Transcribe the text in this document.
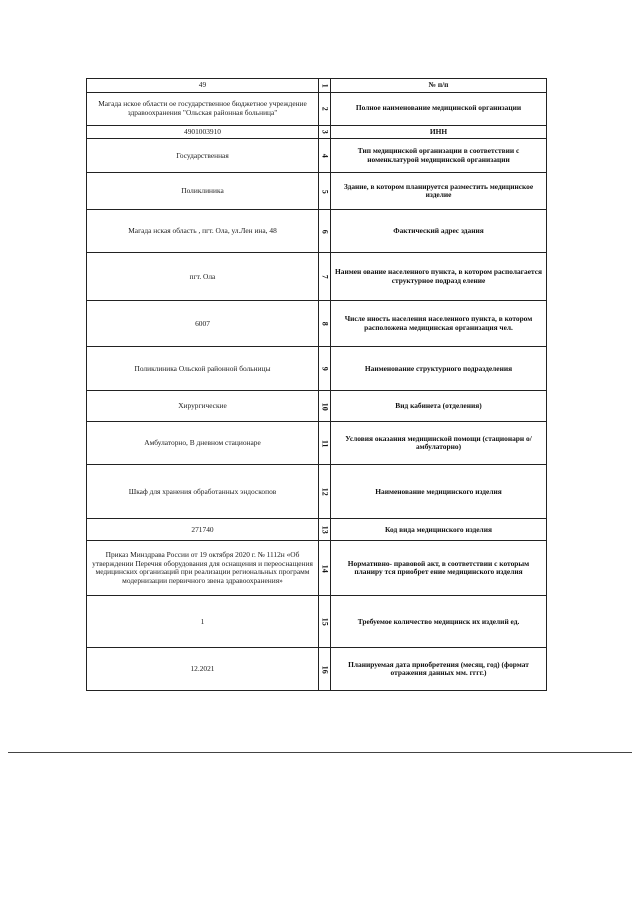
49	1	№ п/п
Магада нское области ое государственное бюджетное учреждение здравоохранения "Ольская районная больница"	2	Полное наименование медицинской организации
4901003910	3	ИНН
Государственная	4	Тип медицинской организации в соответствии с номенклатурой медицинской организации
Поликлиника	5	Здание, в котором планируется разместить медицинское изделие
Магада нская область , пгт. Ола, ул.Лен ина, 48	6	Фактический адрес здания
пгт. Ола	7	Наимен ование населенного пункта, в котором располагается структурное подразд еление
6007	8	Числе нность населения населенного пункта, в котором расположена медицинская организация чел.
Поликлиника Ольской районной больницы	9	Наименование структурного подразделения
Хирургические	10	Вид кабинета (отделения)
Амбулаторно, В дневном стационаре	11	Условия оказания медицинской помощи (стационарн о/амбулаторно)
Шкаф для хранения обработанных эндоскопов	12	Наименование медицинского изделия
271740	13	Код вида медицинского изделия
Приказ Минздрава России от 19 октября 2020 г. № 1112н «Об утверждении Перечня оборудования для оснащения и переоснащения медицинских организаций при реализации региональных программ модернизации первичного звена здравоохранения»	14	Нормативно- правовой акт, в соответствии с которым планиру тся приобрет ение медицинского изделия
1	15	Требуемое количество медицинск их изделий ед.
12.2021	16	Планируемая дата приобретения (месяц, год) (формат отражения данных мм. гггг.)
